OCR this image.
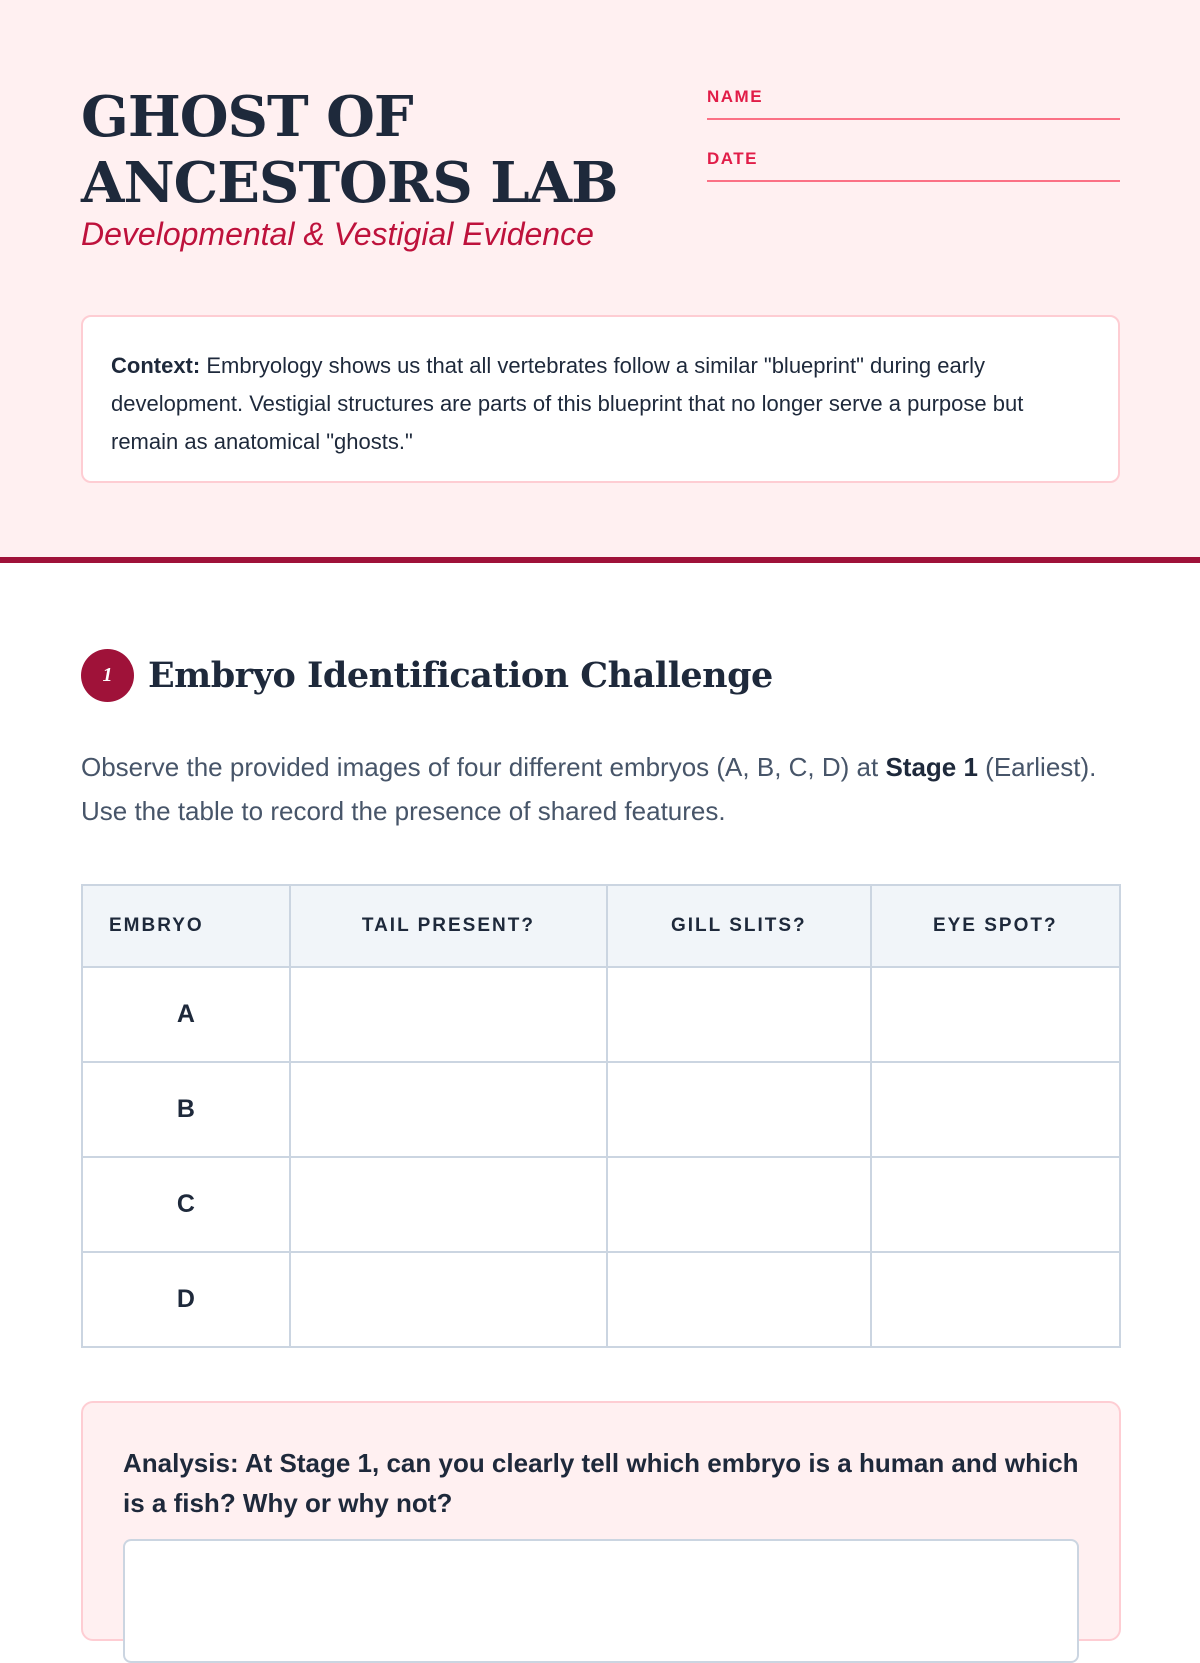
GHOST OF
ANCESTORS LAB
Developmental & Vestigial Evidence
NAME
DATE
Context: Embryology shows us that all vertebrates follow a similar "blueprint" during early development. Vestigial structures are parts of this blueprint that no longer serve a purpose but remain as anatomical "ghosts."
1	Embryo Identification Challenge

Observe the provided images of four different embryos (A, B, C, D) at Stage 1 (Earliest). Use the table to record the presence of shared features.

EMBRYO	TAIL PRESENT?	GILL SLITS?	EYE SPOT?
A			
B			
C			
D			

Analysis: At Stage 1, can you clearly tell which embryo is a human and which is a fish? Why or why not?
